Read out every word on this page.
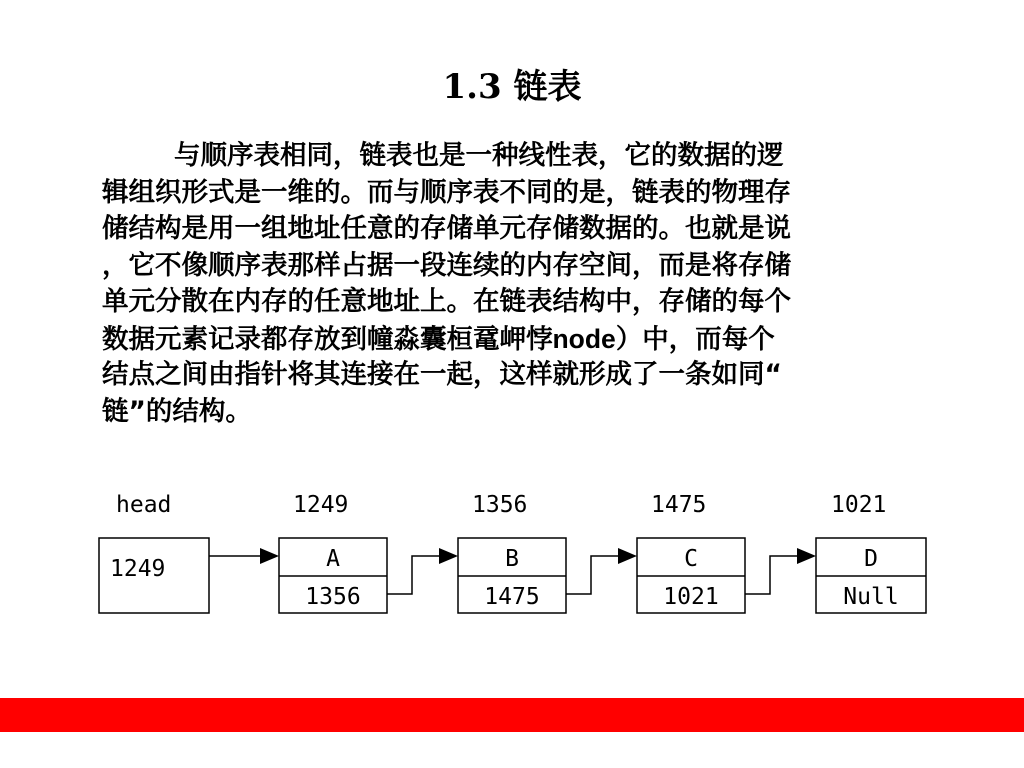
1.3 链表
与顺序表相同，链表也是一种线性表，它的数据的逻
辑组织形式是一维的。而与顺序表不同的是，链表的物理存
储结构是用一组地址任意的存储单元存储数据的。也就是说
，它不像顺序表那样占据一段连续的内存空间，而是将存储
单元分散在内存的任意地址上。在链表结构中，存储的每个
数据元素记录都存放到幢淼囊桓鼋岬悖node）中，而每个
结点之间由指针将其连接在一起，这样就形成了一条如同“
链”的结构。
head	1249	1356	1475	1021
1249	A	B	C	D
1356	1475	1021	Null
